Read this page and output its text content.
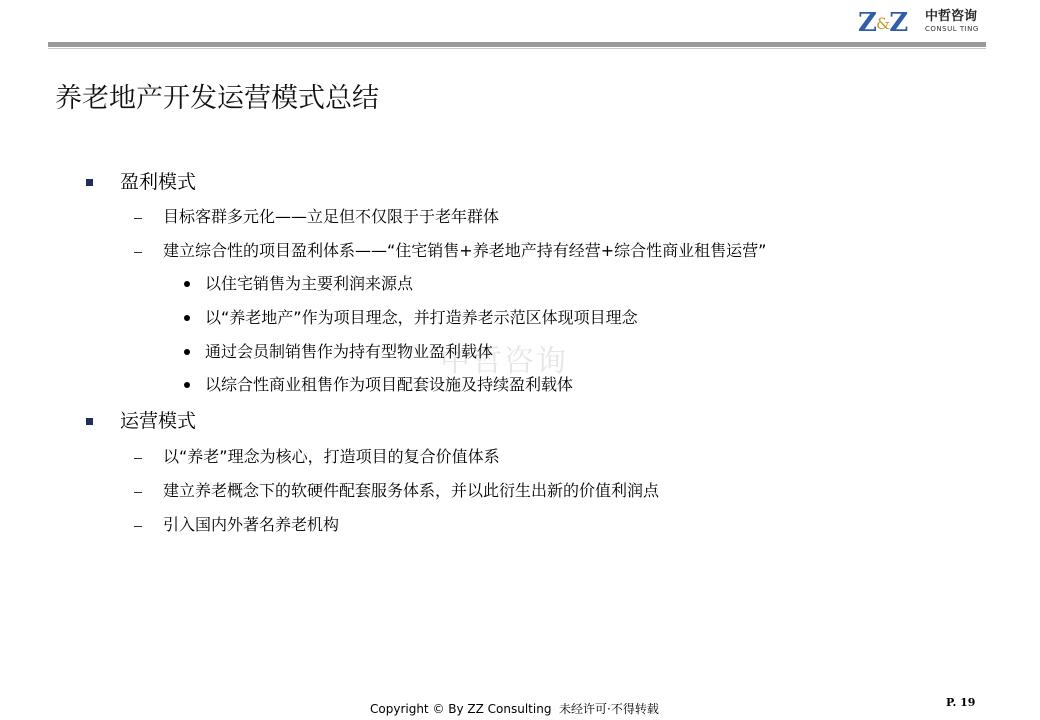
Z&Z 中哲咨询
CONSUL TING
养老地产开发运营模式总结
中哲咨询
盈利模式
目标客群多元化——立足但不仅限于于老年群体
建立综合性的项目盈利体系——“住宅销售+养老地产持有经营+综合性商业租售运营”
以住宅销售为主要利润来源点
以“养老地产”作为项目理念，并打造养老示范区体现项目理念
通过会员制销售作为持有型物业盈利载体
以综合性商业租售作为项目配套设施及持续盈利载体
运营模式
以“养老”理念为核心，打造项目的复合价值体系
建立养老概念下的软硬件配套服务体系，并以此衍生出新的价值利润点
引入国内外著名养老机构
Copyright © By ZZ Consulting 未经许可·不得转载	P. 19
